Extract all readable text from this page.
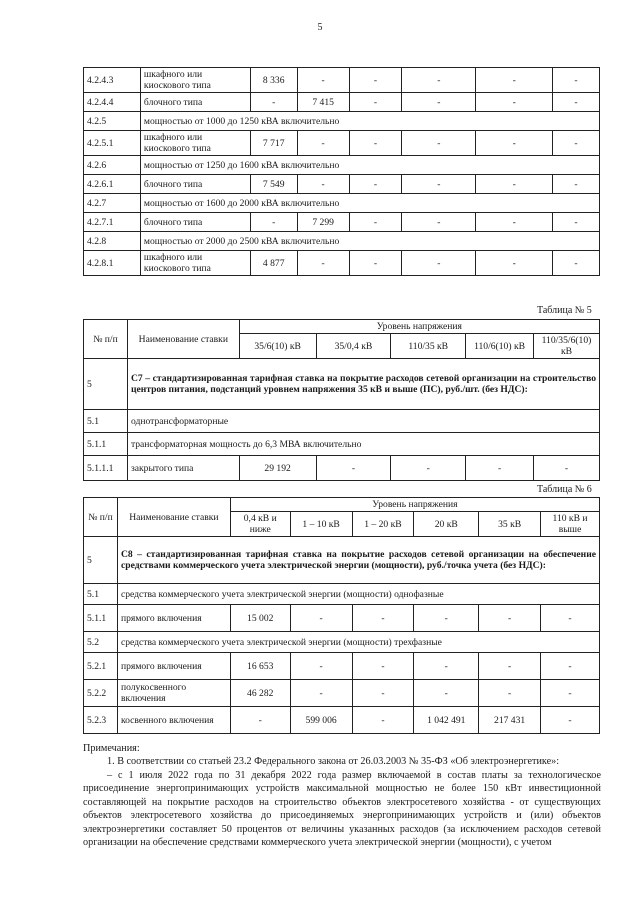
5
4.2.4.3	шкафного или киоскового типа	8 336	-	-	-	-	-
4.2.4.4	блочного типа	-	7 415	-	-	-	-
4.2.5	мощностью от 1000 до 1250 кВА включительно						
4.2.5.1	шкафного или киоскового типа	7 717	-	-	-	-	-
4.2.6	мощностью от 1250 до 1600 кВА включительно						
4.2.6.1	блочного типа	7 549	-	-	-	-	-
4.2.7	мощностью от 1600 до 2000 кВА включительно						
4.2.7.1	блочного типа	-	7 299	-	-	-	-
4.2.8	мощностью от 2000 до 2500 кВА включительно						
4.2.8.1	шкафного или киоскового типа	4 877	-	-	-	-	-
Таблица № 5
№ п/п	Наименование ставки	Уровень напряжения				
		35/6(10) кВ	35/0,4 кВ	110/35 кВ	110/6(10) кВ	110/35/6(10) кВ
5	С7 – стандартизированная тарифная ставка на покрытие расходов сетевой организации на строительство центров питания, подстанций уровнем напряжения 35 кВ и выше (ПС), руб./шт. (без НДС):					
5.1	однотрансформаторные					
5.1.1	трансформаторная мощность до 6,3 МВА включительно					
5.1.1.1	закрытого типа	29 192	-	-	-	-
Таблица № 6
№ п/п	Наименование ставки	Уровень напряжения					
		0,4 кВ и ниже	1 – 10 кВ	1 – 20 кВ	20 кВ	35 кВ	110 кВ и выше
5	С8 – стандартизированная тарифная ставка на покрытие расходов сетевой организации на обеспечение средствами коммерческого учета электрической энергии (мощности), руб./точка учета (без НДС):						
5.1	средства коммерческого учета электрической энергии (мощности) однофазные						
5.1.1	прямого включения	15 002	-	-	-	-	-
5.2	средства коммерческого учета электрической энергии (мощности) трехфазные						
5.2.1	прямого включения	16 653	-	-	-	-	-
5.2.2	полукосвенного включения	46 282	-	-	-	-	-
5.2.3	косвенного включения	-	599 006	-	1 042 491	217 431	-

Примечания:

1. В соответствии со статьей 23.2 Федерального закона от 26.03.2003 № 35-ФЗ «Об электроэнергетике»:

– с 1 июля 2022 года по 31 декабря 2022 года размер включаемой в состав платы за технологическое присоединение энергопринимающих устройств максимальной мощностью не более 150 кВт инвестиционной составляющей на покрытие расходов на строительство объектов электросетевого хозяйства - от существующих объектов электросетевого хозяйства до присоединяемых энергопринимающих устройств и (или) объектов электроэнергетики составляет 50 процентов от величины указанных расходов (за исключением расходов сетевой организации на обеспечение средствами коммерческого учета электрической энергии (мощности), с учетом
